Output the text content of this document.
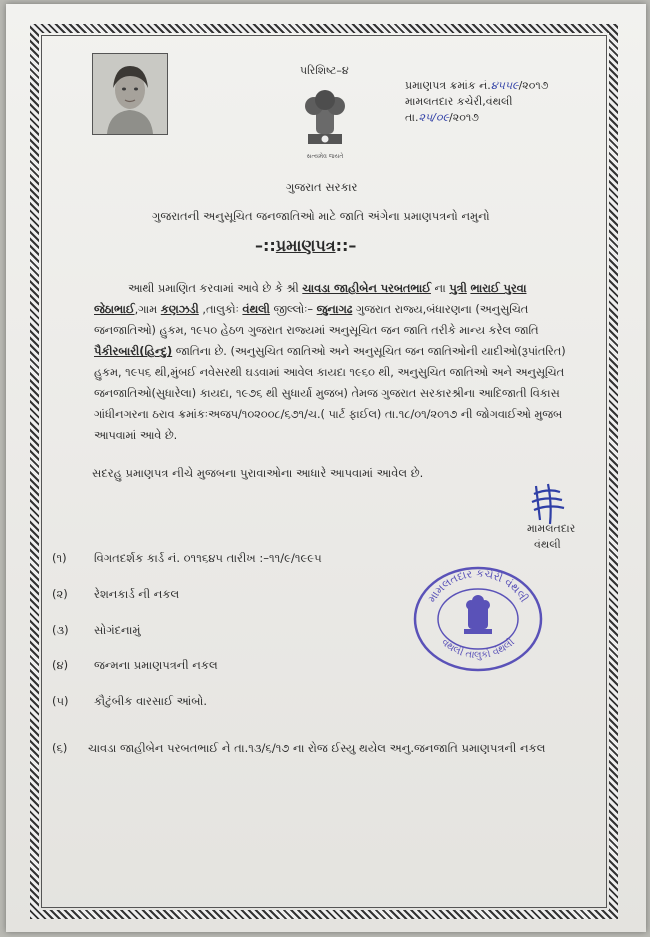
પરિશિષ્ટ–૪
સત્યમેવ જયતે
પ્રમાણપત્ર ક્રમાંક નં.૪૫૫૯/૨૦૧૭
મામલતદાર કચેરી,વંથલી
તા.૨૫/૦૯/૨૦૧૭
ગુજરાત સરકાર
ગુજરાતની અનુસૂચિત જનજાતિઓ માટે જાતિ અંગેના પ્રમાણપત્રનો નમુનો
–::પ્રમાણપત્ર::–
આથી પ્રમાણિત કરવામાં આવે છે કે શ્રી ચાવડા જાહીબેન પરબતભાઈ ના પુત્રી ભારાઈ પુરવા જેઠાભાઈ,ગામ કણઝડી ,તાલુકોઃ વંથલી જીલ્લોઃ– જુનાગઢ ગુજરાત રાજ્ય,બંધારણના (અનુસુચિત જનજાતિઓ) હુકમ, ૧૯૫૦ હેઠળ ગુજરાત રાજ્યમાં અનુસૂચિત જન જાતિ તરીકે માન્ય કરેલ જાતિ પૈકીરબારી(હિન્દુ) જાતિના છે. (અનુસુચિત જાતિઓ અને અનુસૂચિત જન જાતિઓની યાદીઓ(રૂપાંતરિત) હુકમ, ૧૯૫૬ થી,મુંબઈ નવેસરથી ઘડવામાં આવેલ કાયદા ૧૯૬૦ થી, અનુસુચિત જાતિઓ અને અનુસૂચિત જનજાતિઓ(સુધારેલા) કાયદા, ૧૯૭૬ થી સુધાર્યા મુજબ) તેમજ ગુજરાત સરકારશ્રીના આદિજાતી વિકાસ ગાંધીનગરના ઠરાવ ક્રમાંકઃઅજપ/૧૦૨૦૦૮/૬૭૧/ચ.( પાર્ટ ફાઈલ) તા.૧૮/૦૧/૨૦૧૭ ની જોગવાઈઓ મુજબ આપવામાં આવે છે.
સદરહુ પ્રમાણપત્ર નીચે મુજબના પુરાવાઓના આધારે આપવામાં આવેલ છે.
મામલતદાર
વંથલી
(૧) વિગતદર્શક કાર્ડ નં. ૦૧૧૬૪૫ તારીખ :–૧૧/૯/૧૯૯૫
(૨) રેશનકાર્ડ ની નકલ
(૩) સોગંદનામું
(૪) જન્મના પ્રમાણપત્રની નકલ
(૫) કૌટુંબીક વારસાઈ આંબો.
(૬) ચાવડા જાહીબેન પરબતભાઈ ને તા.૧૩/૬/૧૭ ના રોજ ઈસ્યુ થયેલ અનુ.જનજાતિ પ્રમાણપત્રની નકલ
મામલતદાર કચેરી વંથલી
વંથલી તાલુકો વંથલી
